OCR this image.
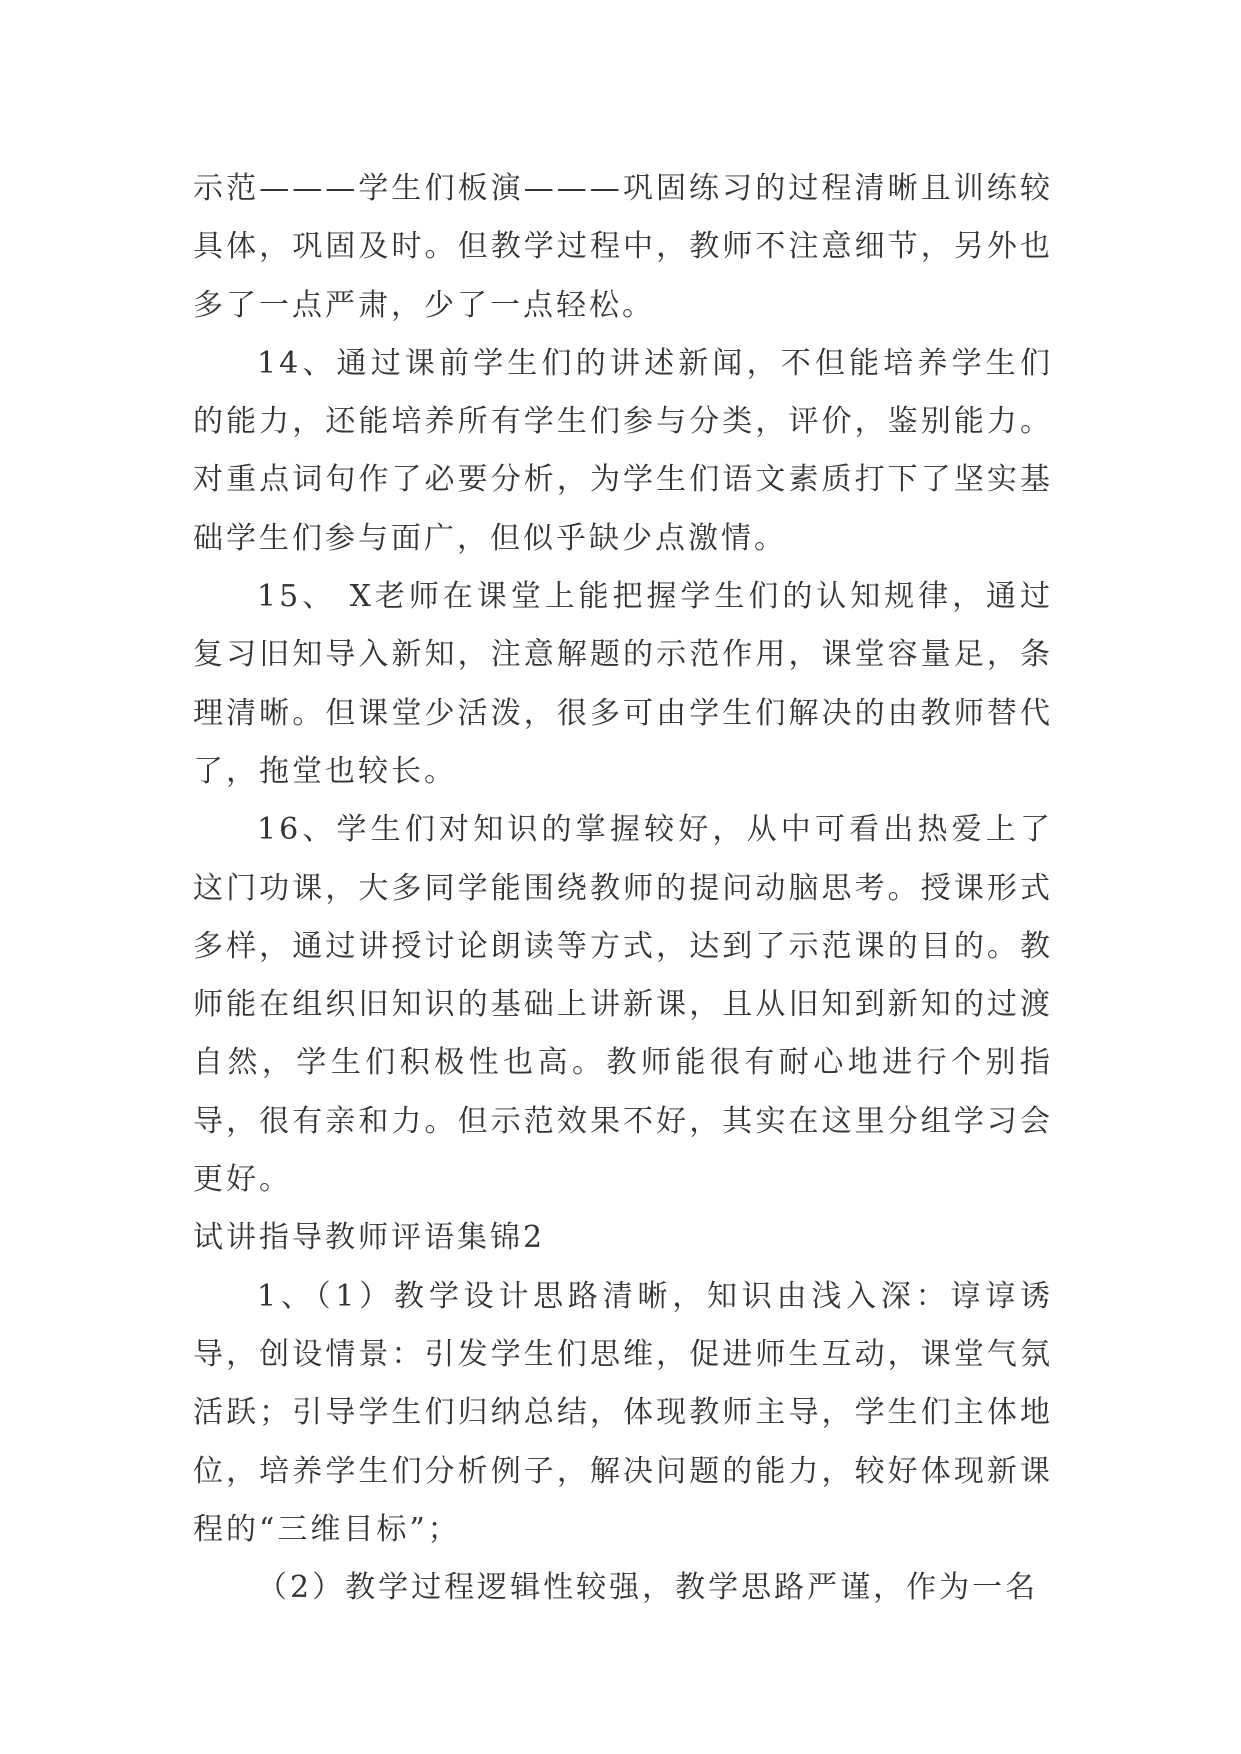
示范———学生们板演———巩固练习的过程清晰且训练较具体，巩固及时。但教学过程中，教师不注意细节，另外也多了一点严肃，少了一点轻松。

14、通过课前学生们的讲述新闻，不但能培养学生们的能力，还能培养所有学生们参与分类，评价，鉴别能力。对重点词句作了必要分析，为学生们语文素质打下了坚实基础学生们参与面广，但似乎缺少点激情。

15、 X老师在课堂上能把握学生们的认知规律，通过复习旧知导入新知，注意解题的示范作用，课堂容量足，条理清晰。但课堂少活泼，很多可由学生们解决的由教师替代了，拖堂也较长。

16、学生们对知识的掌握较好，从中可看出热爱上了这门功课，大多同学能围绕教师的提问动脑思考。授课形式多样，通过讲授讨论朗读等方式，达到了示范课的目的。教师能在组织旧知识的基础上讲新课，且从旧知到新知的过渡自然，学生们积极性也高。教师能很有耐心地进行个别指导，很有亲和力。但示范效果不好，其实在这里分组学习会更好。

试讲指导教师评语集锦2

1、（1）教学设计思路清晰，知识由浅入深：谆谆诱导，创设情景：引发学生们思维，促进师生互动，课堂气氛活跃；引导学生们归纳总结，体现教师主导，学生们主体地位，培养学生们分析例子，解决问题的能力，较好体现新课程的“三维目标”；

（2）教学过程逻辑性较强，教学思路严谨，作为一名
